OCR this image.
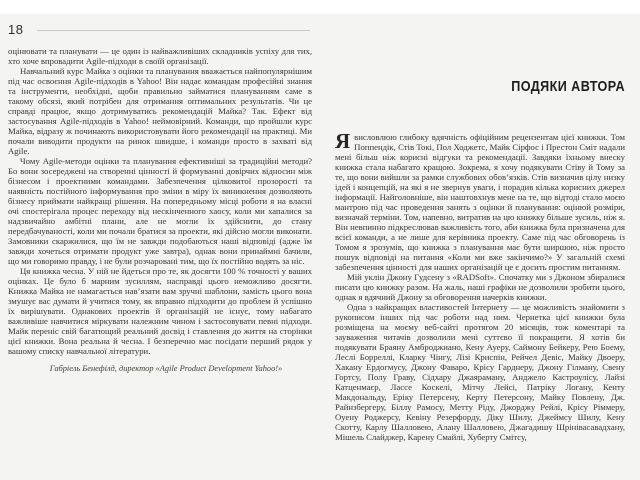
18

оцінювати та планувати — це один із найважливіших складників успіху для тих, хто хоче впровадити Agile-підходи в своїй організації.

Навчальний курс Майка з оцінки та планування вважається найпопулярнішим під час освоєння Agile-підходів в Yahoo! Він надає командам професійні знання та інструменти, необхідні, щоби правильно займатися плануванням саме в такому обсязі, який потрібен для отримання оптимальних результатів. Чи це справді працює, якщо дотримуватись рекомендацій Майка? Так. Ефект від застосування Agile-підходів в Yahoo! неймовірний. Команди, що пройшли курс Майка, відразу ж починають використовувати його рекомендації на практиці. Ми почали виводити продукти на ринок швидше, і команди просто в захваті від Agile.

Чому Agile-методи оцінки та планування ефективніші за традиційні методи? Бо вони зосереджені на створенні цінності й формуванні довірчих відносин між бізнесом і проектними командами. Забезпечення цілковитої прозорості та наявність постійного інформування про зміни в міру їх виникнення дозволяють бізнесу приймати найкращі рішення. На попередньому місці роботи я на власні очі спостерігала процес переходу від нескінченного хаосу, коли ми хапалися за надзвичайно амбітні плани, але не могли їх здійснити, до стану передбачуваності, коли ми почали братися за проекти, які дійсно могли виконати. Замовники скаржилися, що їм не завжди подобаються наші відповіді (адже їм завжди хочеться отримати продукт уже завтра), однак вони принаймні бачили, що ми говоримо правду, і не були розчаровані тим, що їх постійно водять за ніс.

Ця книжка чесна. У ній не йдеться про те, як досягти 100 % точності у ваших оцінках. Це було б марним зусиллям, насправді цього неможливо досягти. Книжка Майка не намагається нав’язати вам зручні шаблони, замість цього вона змушує вас думати й учитися тому, як вправно підходити до проблем й успішно їх вирішувати. Однакових проектів й організацій не існує, тому набагато важливіше навчитися міркувати належним чином і застосовувати певні підходи. Майк переніс свій багатющий реальний досвід і ставлення до життя на сторінки цієї книжки. Вона реальна й чесна. І безперечно має посідати перший рядок у вашому списку навчальної літератури.

Габріель Бенефілд, директор «Agile Product Development Yahoo!»
ПОДЯКИ АВТОРА

Явисловлюю глибоку вдячність офіційним рецензентам цієї книжки. Том Поппендік, Стів Токі, Пол Ходжетс, Майк Сірфос і Престон Сміт надали мені більш ніж корисні відгуки та рекомендації. Завдяки їхньому внеску книжка стала набагато кращою. Зокрема, я хочу подякувати Стіву й Тому за те, що вони вийшли за рамки службових обов’язків. Стів визначив цілу низку ідей і концепцій, на які я не звернув уваги, і порадив кілька корисних джерел інформації. Найголовніше, він наштовхнув мене на те, що відтоді стало моєю мантрою під час проведення занять з оцінки й планування: оцінюй розміри, визначай терміни. Том, напевно, витратив на цю книжку більше зусиль, ніж я. Він невпинно підкреслював важливість того, аби книжка була призначена для всієї команди, а не лише для керівника проекту. Саме під час обговорень із Томом я зрозумів, що книжка з планування має бути ширшою, ніж просто пошук відповіді на питання «Коли ми вже закінчимо?» У загальній схемі забезпечення цінності для наших організацій це є досить простим питанням.

Мій уклін Джону Гудсену з «RADSoft». Спочатку ми з Джоном збиралися писати цю книжку разом. На жаль, наші графіки не дозволили зробити цього, однак я вдячний Джону за обговорення начерків книжки.

Одна з найкращих властивостей Інтернету — це можливість знайомити з рукописом інших під час роботи над ним. Чернетка цієї книжки була розміщена на моєму веб-сайті протягом 20 місяців, тож коментарі та зауваження читачів дозволили мені суттєво її покращити. Я хотів би подякувати Браяну Амброджиано, Кену Ауеру, Саймону Бейкеру, Рею Боему, Леслі Борреллі, Кларку Чінгу, Лізі Криспін, Рейчел Девіс, Майку Двоеру, Хакану Ердогмусу, Джону Фаваро, Крісу Гарднеру, Джону Гілману, Свену Гортсу, Полу Граву, Сідхару Джаяраману, Анджело Кастроулісу, Лайзі Катценмаєр, Лассе Коскелі, Мітчу Лейсі, Патріку Логану, Кенту Макдональду, Еріку Петерсену, Керту Петерсону, Майку Повлену, Дж. Райнзбергеру, Біллу Рамосу, Метту Ріду, Джорджу Рейлі, Крісу Ріммеру, Оуену Роджерсу, Кевіну Резерфорду, Діку Шилу, Джеймсу Шилу, Кену Скотту, Карлу Шалловею, Алану Шалловею, Джагадишу Шрінівасавадхану, Мішель Слайджер, Карену Смайлі, Хуберту Смітсу,
